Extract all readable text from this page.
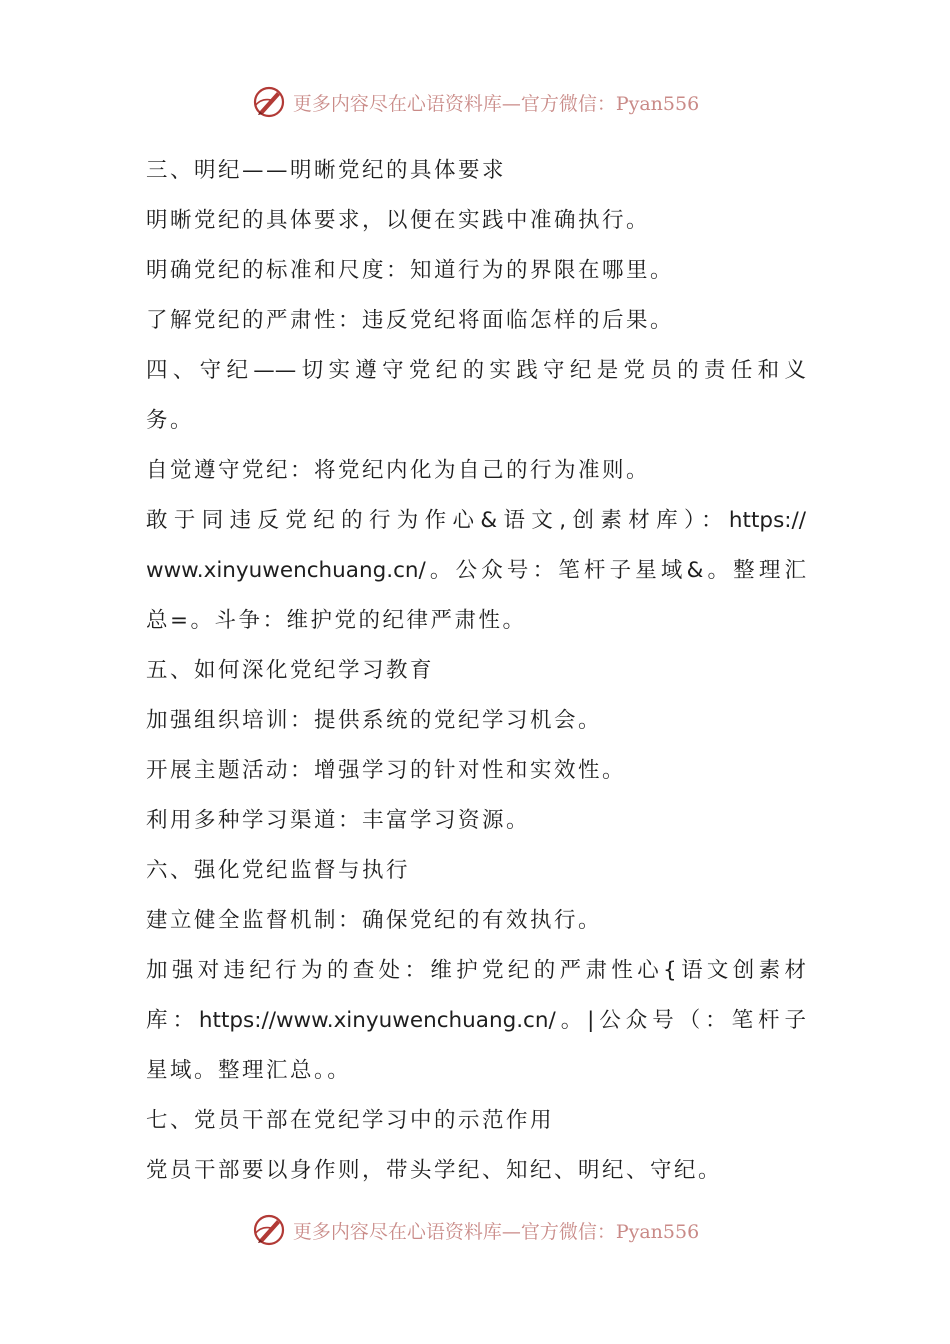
更多内容尽在心语资料库—官方微信：Pyan556
三、明纪——明晰党纪的具体要求
明晰党纪的具体要求，以便在实践中准确执行。
明确党纪的标准和尺度：知道行为的界限在哪里。
了解党纪的严肃性：违反党纪将面临怎样的后果。
四、守纪——切实遵守党纪的实践守纪是党员的责任和义
务。
自觉遵守党纪：将党纪内化为自己的行为准则。
敢于同违反党纪的行为作心&语文,创素材库）：https://
www.xinyuwenchuang.cn/。公众号：笔杆子星域&。整理汇
总=。斗争：维护党的纪律严肃性。
五、如何深化党纪学习教育
加强组织培训：提供系统的党纪学习机会。
开展主题活动：增强学习的针对性和实效性。
利用多种学习渠道：丰富学习资源。
六、强化党纪监督与执行
建立健全监督机制：确保党纪的有效执行。
加强对违纪行为的查处：维护党纪的严肃性心{语文创素材
库：https://www.xinyuwenchuang.cn/。|公众号（：笔杆子
星域。整理汇总。。
七、党员干部在党纪学习中的示范作用
党员干部要以身作则，带头学纪、知纪、明纪、守纪。
更多内容尽在心语资料库—官方微信：Pyan556
